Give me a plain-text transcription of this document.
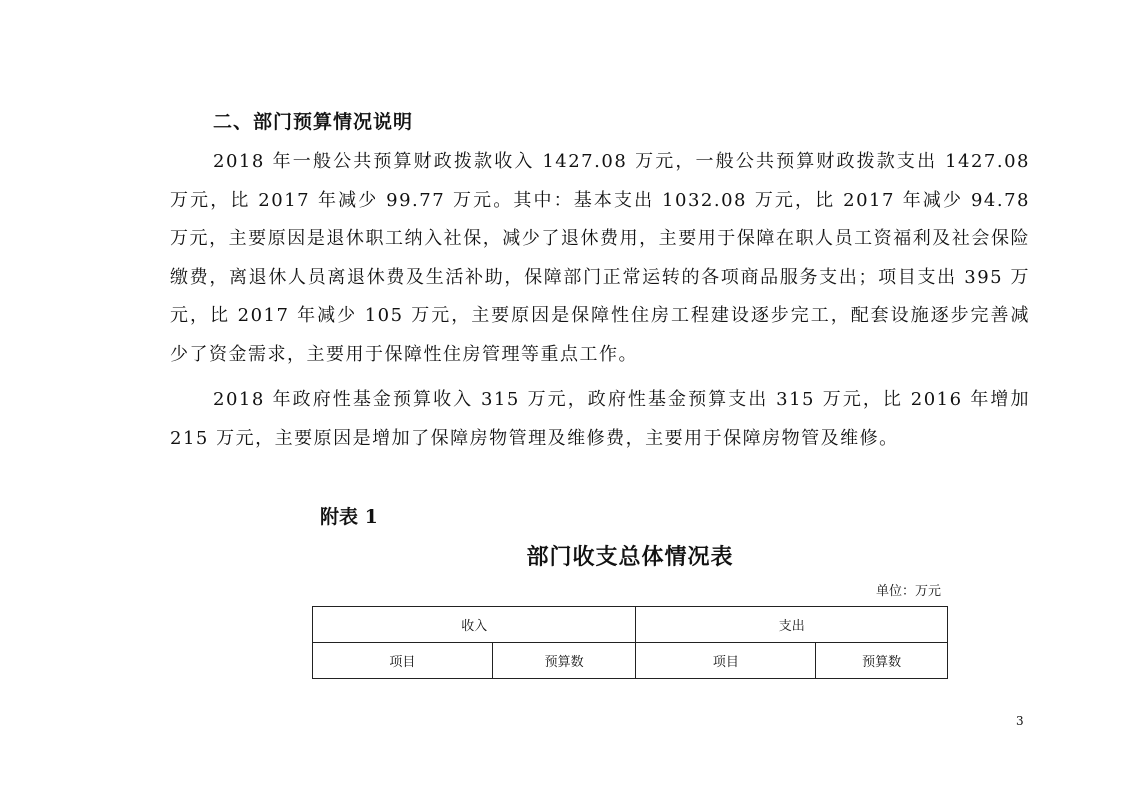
二、部门预算情况说明

2018 年一般公共预算财政拨款收入 1427.08 万元，一般公共预算财政拨款支出 1427.08 万元，比 2017 年减少 99.77 万元。其中：基本支出 1032.08 万元，比 2017 年减少 94.78 万元，主要原因是退休职工纳入社保，减少了退休费用，主要用于保障在职人员工资福利及社会保险缴费，离退休人员离退休费及生活补助，保障部门正常运转的各项商品服务支出；项目支出 395 万元，比 2017 年减少 105 万元，主要原因是保障性住房工程建设逐步完工，配套设施逐步完善减少了资金需求，主要用于保障性住房管理等重点工作。

2018 年政府性基金预算收入 315 万元，政府性基金预算支出 315 万元，比 2016 年增加 215 万元，主要原因是增加了保障房物管理及维修费，主要用于保障房物管及维修。

附表 1
部门收支总体情况表
单位：万元
收入		支出	
项目	预算数	项目	预算数
3
